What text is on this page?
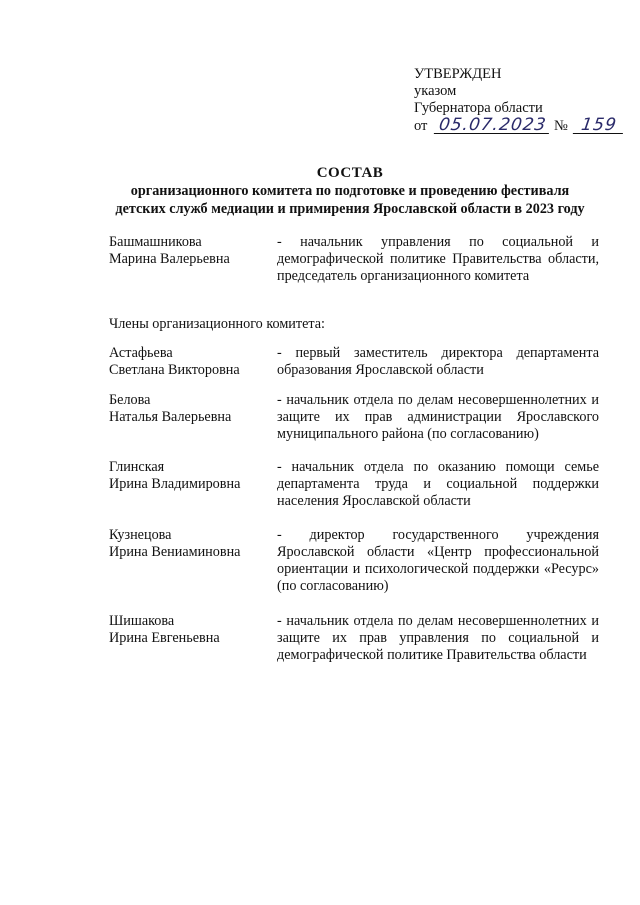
УТВЕРЖДЕН
указом
Губернатора области
от 05.07.2023 № 159
СОСТАВ
организационного комитета по подготовке и проведению фестиваля
детских служб медиации и примирения Ярославской области в 2023 году
Башмашникова
Марина Валерьевна
- начальник управления по социальной и демографической политике Правительства области, председатель организационного комитета
Члены организационного комитета:
Астафьева
Светлана Викторовна
- первый заместитель директора департамента образования Ярославской области
Белова
Наталья Валерьевна
- начальник отдела по делам несовершеннолетних и защите их прав администрации Ярославского муниципального района (по согласованию)
Глинская
Ирина Владимировна
- начальник отдела по оказанию помощи семье департамента труда и социальной поддержки населения Ярославской области
Кузнецова
Ирина Вениаминовна
- директор государственного учреждения Ярославской области «Центр профессиональной ориентации и психологической поддержки «Ресурс» (по согласованию)
Шишакова
Ирина Евгеньевна
- начальник отдела по делам несовершеннолетних и защите их прав управления по социальной и демографической политике Правительства области
